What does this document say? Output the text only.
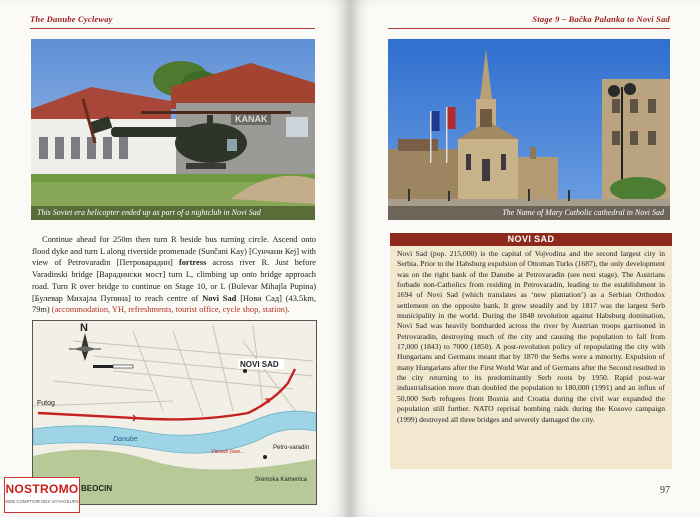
The Danube Cycleway
KANAK
This Soviet era helicopter ended up as part of a nightclub in Novi Sad

Continue ahead for 250m then turn R beside bus turning circle. Ascend onto flood dyke and turn L along riverside promenade (Sunčani Kay) [Сунчани Кеј] with view of Petrovaradin [Петроварадин] fortress across river R. Just before Varadinski bridge [Варадински мост] turn L, climbing up onto bridge approach road. Turn R over bridge to continue on Stage 10, or L (Bulevar Mihajla Pupina) [Булевар Михајла Пупина] to reach centre of Novi Sad [Нови Сад] (43.5km, 79m) (accommodation, YH, refreshments, tourist office, cycle shop, station).

N
NOVI SAD
Futog
Danube
BEOCIN
Petro-varadin
Sremska Kamenica
Variadi (see...
Stage 9 – Bačka Palanka to Novi Sad
The Name of Mary Catholic cathedral in Novi Sad
NOVI SAD
Novi Sad (pop. 215,000) is the capital of Vojvodina and the second largest city in Serbia. Prior to the Habsburg expulsion of Ottoman Turks (1687), the only development was on the right bank of the Danube at Petrovaradin (see next stage). The Austrians forbade non-Catholics from residing in Petrovaradin, leading to the establishment in 1694 of Novi Sad (which translates as ‘new plantation’) as a Serbian Orthodox settlement on the opposite bank. It grew steadily and by 1817 was the largest Serb municipality in the world. During the 1848 revolution against Habsburg domination, Novi Sad was heavily bombarded across the river by Austrian troops garrisoned in Petrovaradin, destroying much of the city and causing the population to fall from 17,000 (1843) to 7000 (1850). A post-revolution policy of repopulating the city with Hungarians and Germans meant that by 1870 the Serbs were a minority. Expulsion of many Hungarians after the First World War and of Germans after the Second resulted in the city returning to its predominantly Serb roots by 1950. Rapid post-war industrialisation more than doubled the population to 180,000 (1991) and an influx of 50,000 Serb refugees from Bosnia and Croatia during the civil war expanded the population still further. NATO reprisal bombing raids during the Kosovo campaign (1999) destroyed all three bridges and severely damaged the city.
97
NOSTROMO
WEB COMPTOIR DES VOYAGEURS
